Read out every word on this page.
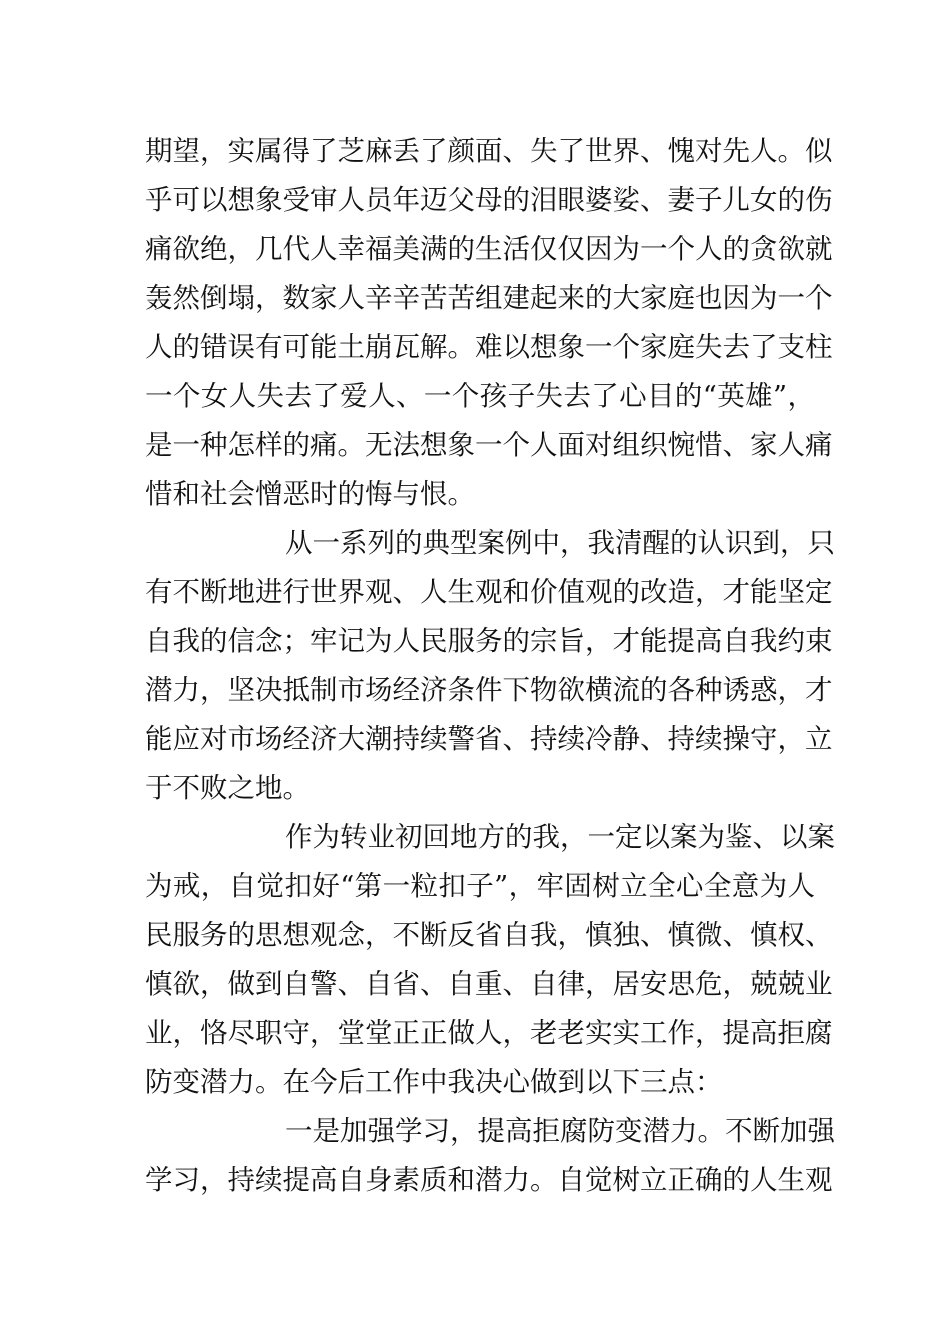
期望，实属得了芝麻丢了颜面、失了世界、愧对先人。似
乎可以想象受审人员年迈父母的泪眼婆娑、妻子儿女的伤
痛欲绝，几代人幸福美满的生活仅仅因为一个人的贪欲就
轰然倒塌，数家人辛辛苦苦组建起来的大家庭也因为一个
人的错误有可能土崩瓦解。难以想象一个家庭失去了支柱
一个女人失去了爱人、一个孩子失去了心目的“英雄”，
是一种怎样的痛。无法想象一个人面对组织惋惜、家人痛
惜和社会憎恶时的悔与恨。
从一系列的典型案例中，我清醒的认识到，只
有不断地进行世界观、人生观和价值观的改造，才能坚定
自我的信念；牢记为人民服务的宗旨，才能提高自我约束
潜力，坚决抵制市场经济条件下物欲横流的各种诱惑，才
能应对市场经济大潮持续警省、持续冷静、持续操守，立
于不败之地。
作为转业初回地方的我，一定以案为鉴、以案
为戒，自觉扣好“第一粒扣子”，牢固树立全心全意为人
民服务的思想观念，不断反省自我，慎独、慎微、慎权、
慎欲，做到自警、自省、自重、自律，居安思危，兢兢业
业，恪尽职守，堂堂正正做人，老老实实工作，提高拒腐
防变潜力。在今后工作中我决心做到以下三点：
一是加强学习，提高拒腐防变潜力。不断加强
学习，持续提高自身素质和潜力。自觉树立正确的人生观
